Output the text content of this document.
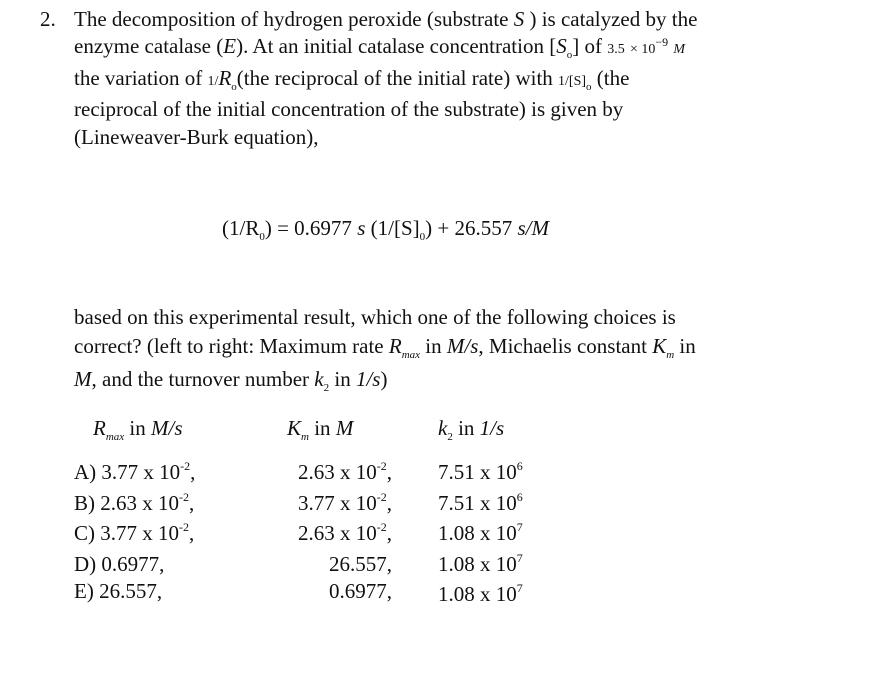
2. The decomposition of hydrogen peroxide (substrate S ) is catalyzed by the
enzyme catalase (E). At an initial catalase concentration $[S_o]$ of $3.5 \times 10^{-9}$ M
the variation of $1/R_o(the$ reciprocal of the initial rate) with $1/[S]_o$ (the
reciprocal of the initial concentration of the substrate) is given by
(Lineweaver-Burk equation),
$(1/R_0) = 0.6977$ s $(1/[S]_0) + 26.557$ s/M
based on this experimental result, which one of the following choices is
correct? (left to right: Maximum rate $R_{max}$ in M/s, Michaelis constant $K_m$ in
M, and the turnover number $k_2$ in 1/s)
$R_{max}$ in M/s	$K_m$ in M	$k_2$ in 1/s
A) 3.77 x $10^{-2}$,
B) 2.63 x $10^{-2}$,
C) 3.77 x $10^{-2}$,
D) 0.6977,
E) 26.557,
2.63 x $10^{-2}$,
3.77 x $10^{-2}$,
2.63 x $10^{-2}$,
26.557,
0.6977,
7.51 x $10^6$
7.51 x $10^6$
1.08 x $10^7$
1.08 x $10^7$
1.08 x $10^7$
